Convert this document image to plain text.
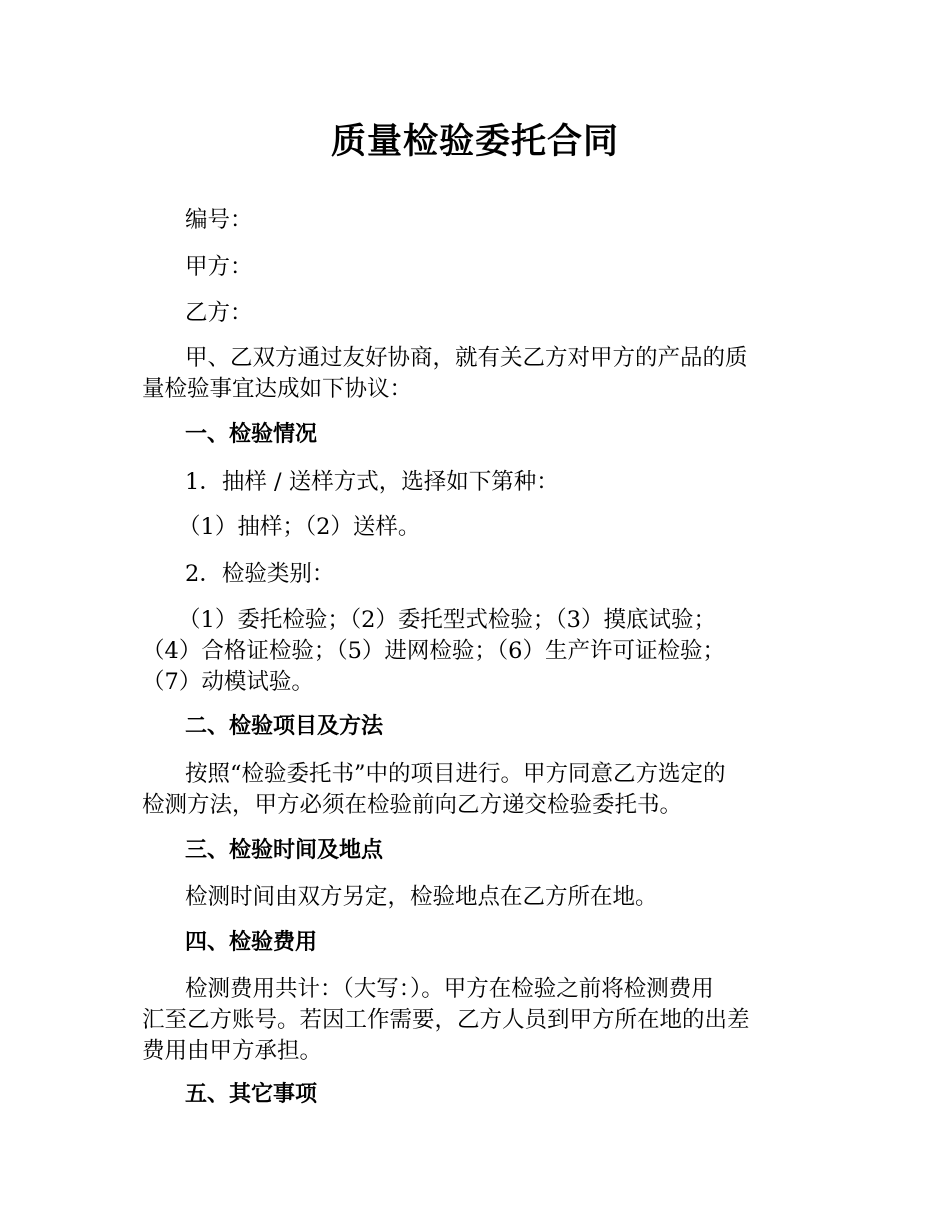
质量检验委托合同
编号：
甲方：
乙方：
甲、乙双方通过友好协商，就有关乙方对甲方的产品的质
量检验事宜达成如下协议：
一、检验情况
1．抽样 / 送样方式，选择如下第种：
（1）抽样；（2）送样。
2．检验类别：
（1）委托检验；（2）委托型式检验；（3）摸底试验；
（4）合格证检验；（5）进网检验；（6）生产许可证检验；
（7）动模试验。
二、检验项目及方法
按照“检验委托书”中的项目进行。甲方同意乙方选定的
检测方法，甲方必须在检验前向乙方递交检验委托书。
三、检验时间及地点
检测时间由双方另定，检验地点在乙方所在地。
四、检验费用
检测费用共计：（大写：）。甲方在检验之前将检测费用
汇至乙方账号。若因工作需要，乙方人员到甲方所在地的出差
费用由甲方承担。
五、其它事项
